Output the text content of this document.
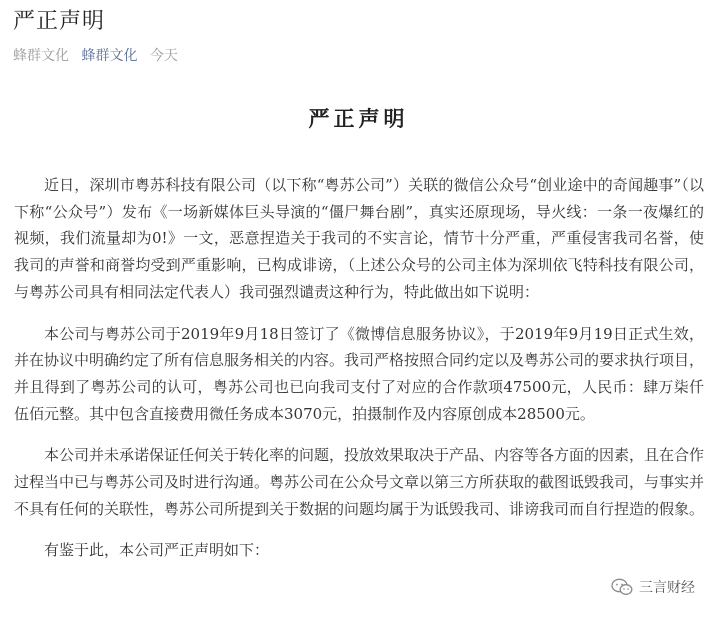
严正声明
蜂群文化 蜂群文化 今天
严正声明

近日，深圳市粤苏科技有限公司（以下称“粤苏公司”）关联的微信公众号“创业途中的奇闻趣事”（以下称“公众号”）发布《一场新媒体巨头导演的“僵尸舞台剧”，真实还原现场，导火线：一条一夜爆红的视频，我们流量却为0!》一文，恶意捏造关于我司的不实言论，情节十分严重，严重侵害我司名誉，使我司的声誉和商誉均受到严重影响，已构成诽谤，（上述公众号的公司主体为深圳依飞特科技有限公司，与粤苏公司具有相同法定代表人）我司强烈谴责这种行为，特此做出如下说明：

本公司与粤苏公司于2019年9月18日签订了《微博信息服务协议》，于2019年9月19日正式生效，并在协议中明确约定了所有信息服务相关的内容。我司严格按照合同约定以及粤苏公司的要求执行项目，并且得到了粤苏公司的认可，粤苏公司也已向我司支付了对应的合作款项47500元，人民币：肆万柒仟伍佰元整。其中包含直接费用微任务成本3070元，拍摄制作及内容原创成本28500元。

本公司并未承诺保证任何关于转化率的问题，投放效果取决于产品、内容等各方面的因素，且在合作过程当中已与粤苏公司及时进行沟通。粤苏公司在公众号文章以第三方所获取的截图诋毁我司，与事实并不具有任何的关联性，粤苏公司所提到关于数据的问题均属于为诋毁我司、诽谤我司而自行捏造的假象。

有鉴于此，本公司严正声明如下：

三言财经
